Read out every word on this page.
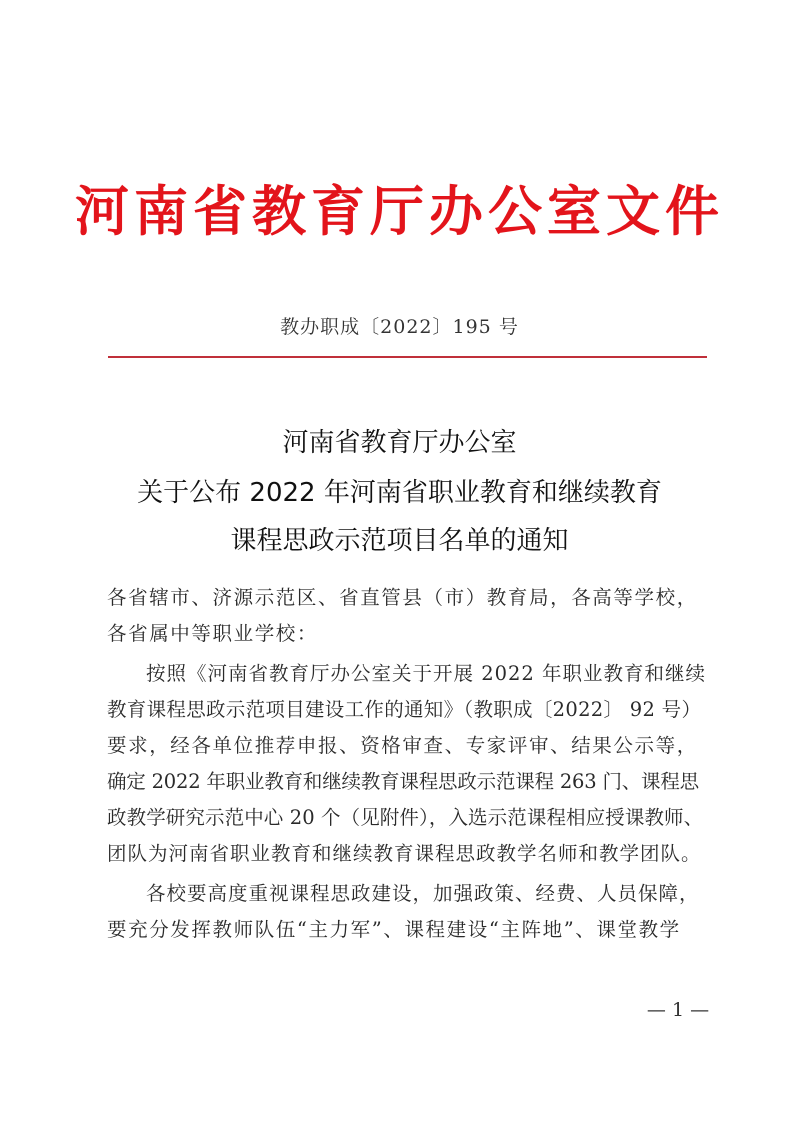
河南省教育厅办公室文件
教办职成〔2022〕195 号
河南省教育厅办公室
关于公布 2022 年河南省职业教育和继续教育
课程思政示范项目名单的通知
各省辖市、济源示范区、省直管县（市）教育局，各高等学校，
各省属中等职业学校：
按照《河南省教育厅办公室关于开展 2022 年职业教育和继续
教育课程思政示范项目建设工作的通知》（教职成〔2022〕 92 号）
要求，经各单位推荐申报、资格审查、专家评审、结果公示等，
确定 2022 年职业教育和继续教育课程思政示范课程 263 门、课程思
政教学研究示范中心 20 个（见附件），入选示范课程相应授课教师、
团队为河南省职业教育和继续教育课程思政教学名师和教学团队。
各校要高度重视课程思政建设，加强政策、经费、人员保障，
要充分发挥教师队伍“主力军”、课程建设“主阵地”、课堂教学
— 1 —
